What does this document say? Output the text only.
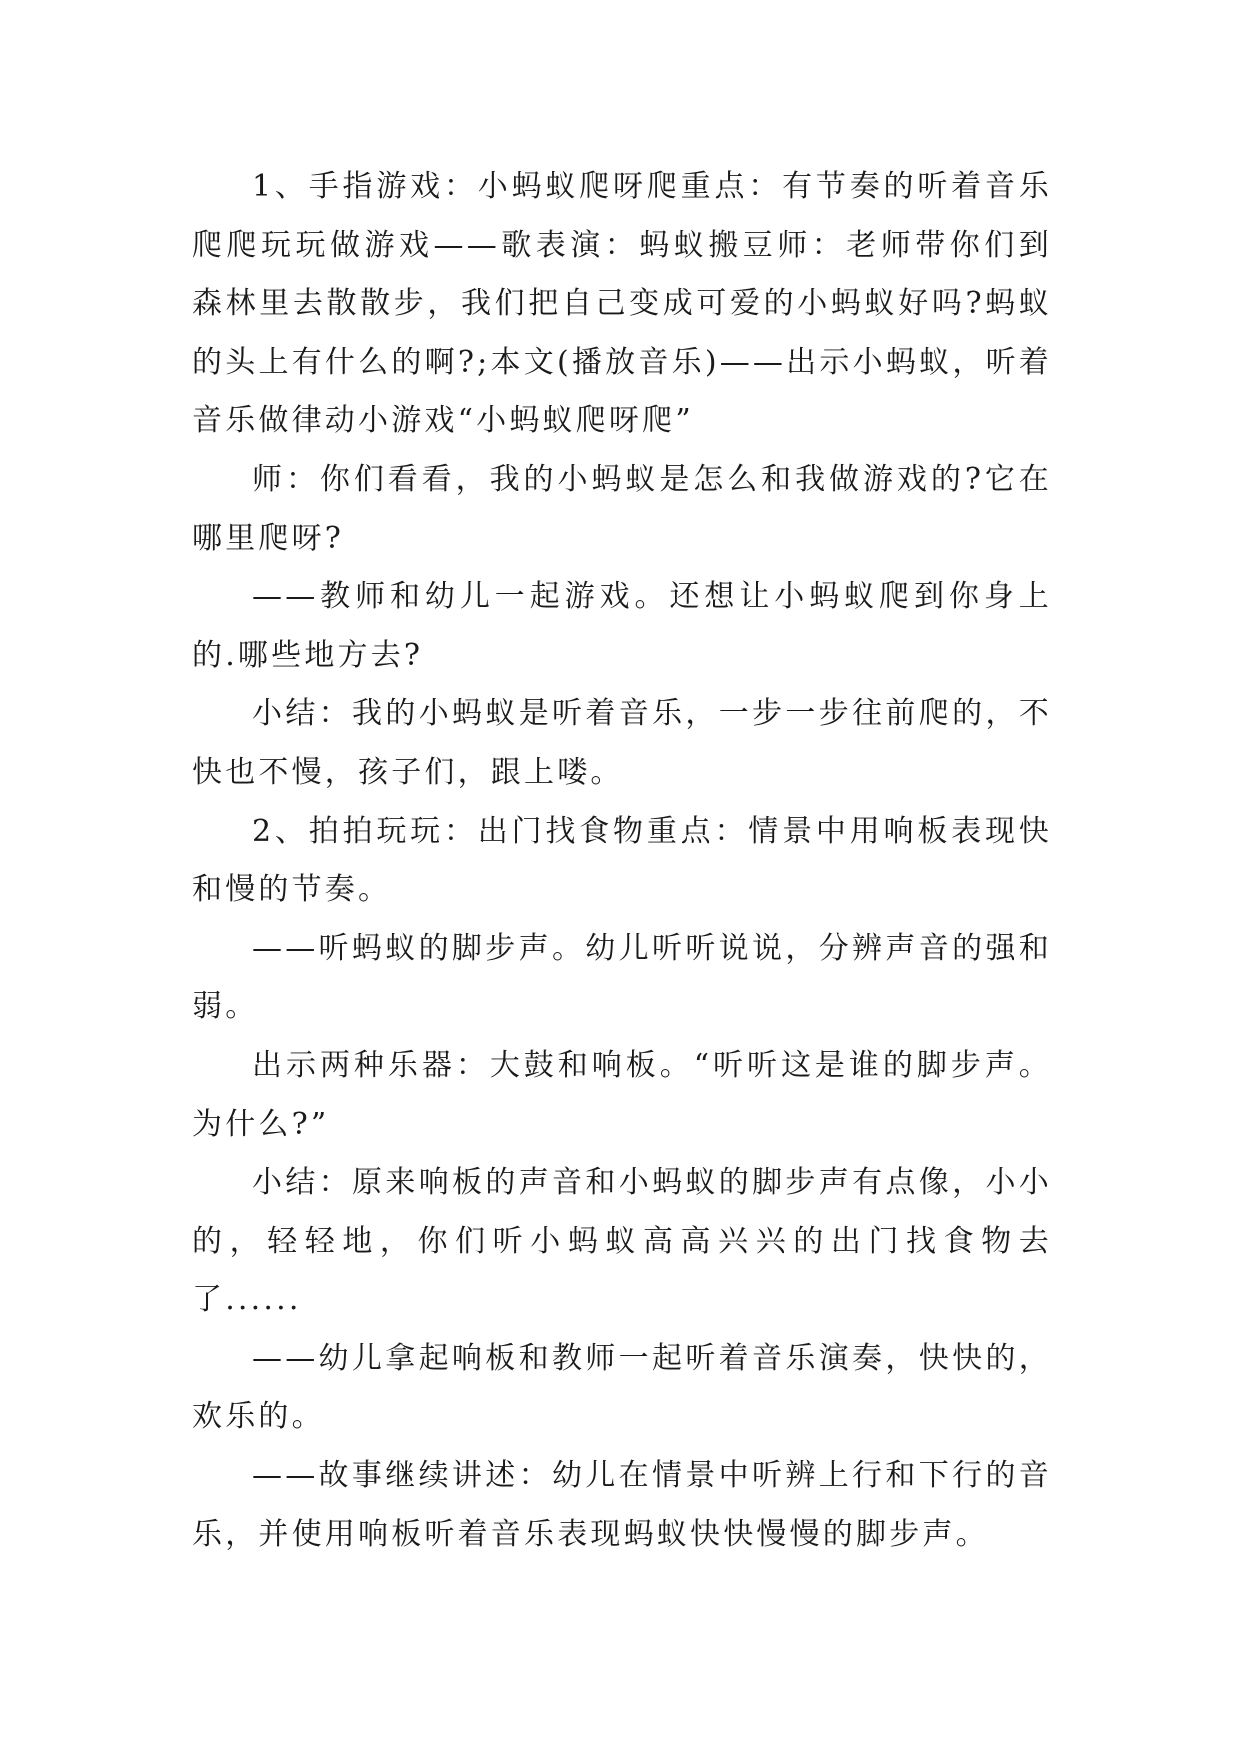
1、手指游戏：小蚂蚁爬呀爬重点：有节奏的听着音乐爬爬玩玩做游戏——歌表演：蚂蚁搬豆师：老师带你们到森林里去散散步，我们把自己变成可爱的小蚂蚁好吗?蚂蚁的头上有什么的啊?;本文(播放音乐)——出示小蚂蚁，听着音乐做律动小游戏“小蚂蚁爬呀爬”

师：你们看看，我的小蚂蚁是怎么和我做游戏的?它在哪里爬呀?

——教师和幼儿一起游戏。还想让小蚂蚁爬到你身上的.哪些地方去?

小结：我的小蚂蚁是听着音乐，一步一步往前爬的，不快也不慢，孩子们，跟上喽。

2、拍拍玩玩：出门找食物重点：情景中用响板表现快和慢的节奏。

——听蚂蚁的脚步声。幼儿听听说说，分辨声音的强和弱。

出示两种乐器：大鼓和响板。“听听这是谁的脚步声。为什么?”

小结：原来响板的声音和小蚂蚁的脚步声有点像，小小的，轻轻地，你们听小蚂蚁高高兴兴的出门找食物去了......

——幼儿拿起响板和教师一起听着音乐演奏，快快的，欢乐的。

——故事继续讲述：幼儿在情景中听辨上行和下行的音乐，并使用响板听着音乐表现蚂蚁快快慢慢的脚步声。
